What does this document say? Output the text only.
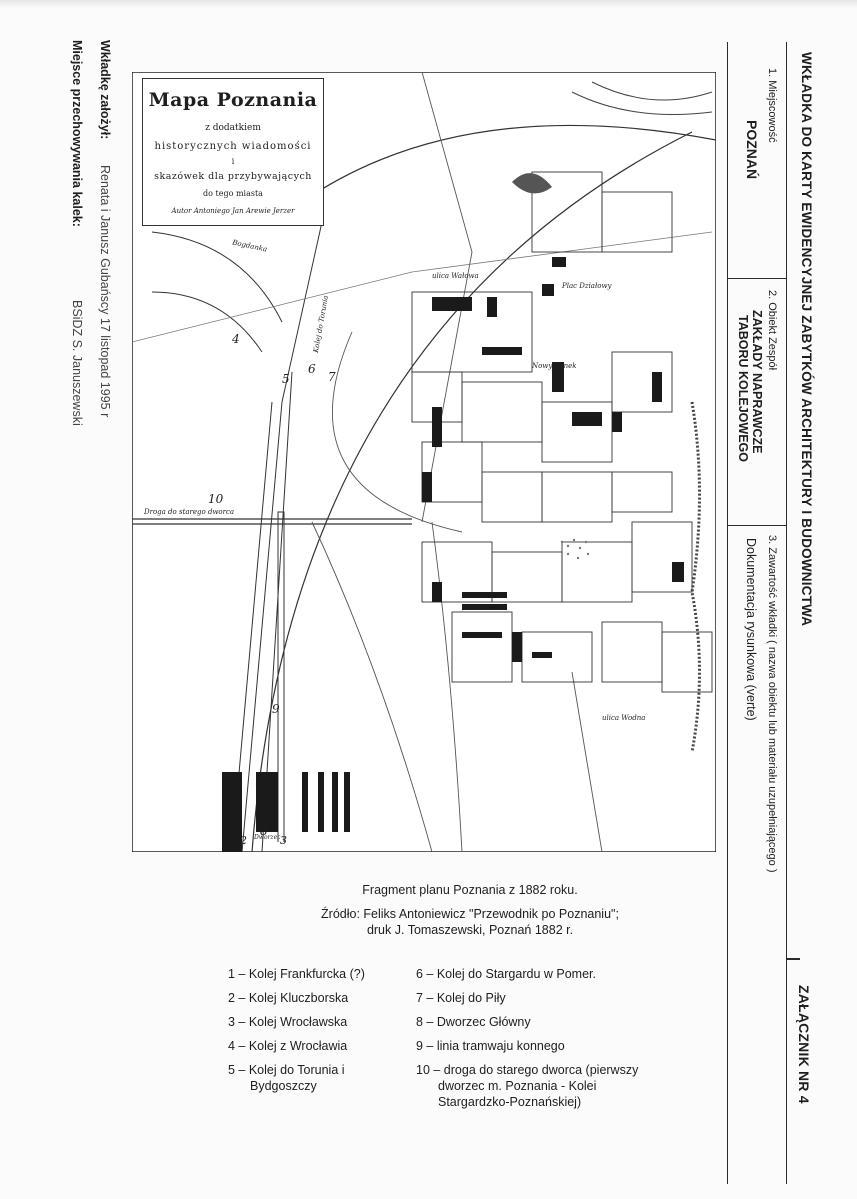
WKŁADKA DO KARTY EWIDENCYJNEJ ZABYTKÓW ARCHITEKTURY I BUDOWNICTWA
ZAŁĄCZNIK NR 4
1. Miejscowość
POZNAŃ
2. Obiekt Zespół
ZAKŁADY NAPRAWCZE
TABORU KOLEJOWEGO
3. Zawartość wkładki ( nazwa obiektu lub materiału uzupełniającego )
Dokumentacja rysunkowa (verte)
Wkładkę założył:
Renata i Janusz Gubańscy 17 listopad 1995 r
Miejsce przechowywania kalek:
BSiDZ S. Januszewski
Mapa Poznania
z dodatkiem
historycznych wiadomości
i
skazówek dla przybywających
do tego miasta
Autor Antoniego Jan Arewie Jerzer
Plac Działowy
Nowy Rynek
ulica Wałowa
Bogdanka
ulica Wodna
Droga do starego dworca
Kolej do Torunia
Dworzec
5
6
7
4
10
9
8
1 2	3
Fragment planu Poznania z 1882 roku.
Źródło: Feliks Antoniewicz "Przewodnik po Poznaniu";
druk J. Tomaszewski, Poznań 1882 r.
1 – Kolej Frankfurcka (?)
2 – Kolej Kluczborska
3 – Kolej Wrocławska
4 – Kolej z Wrocławia
5 – Kolej do Torunia i
Bydgoszczy
6 – Kolej do Stargardu w Pomer.
7 – Kolej do Piły
8 – Dworzec Główny
9 – linia tramwaju konnego
10 – droga do starego dworca (pierwszy
dworzec m. Poznania - Kolei
Stargardzko-Poznańskiej)
